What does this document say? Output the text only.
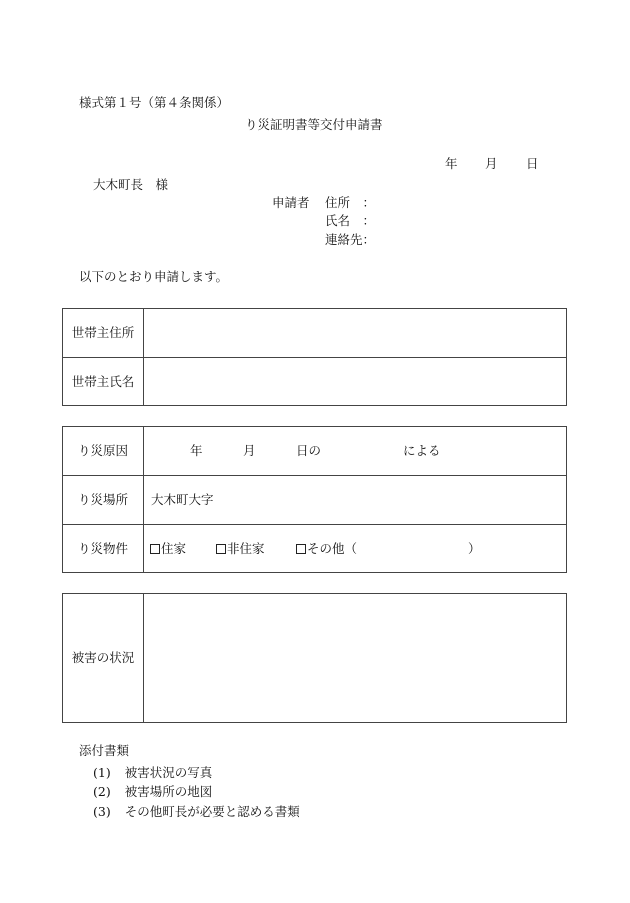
様式第１号（第４条関係）
り災証明書等交付申請書
年 月 日
大木町長　様
申請者 住所　：
氏名　：
連絡先：
以下のとおり申請します。
世帯主住所
世帯主氏名
り災原因	年	月	日の	による
り災場所	大木町大字
り災物件	住家	非住家	その他（	）
被害の状況
添付書類
(1) 被害状況の写真
(2) 被害場所の地図
(3) その他町長が必要と認める書類
